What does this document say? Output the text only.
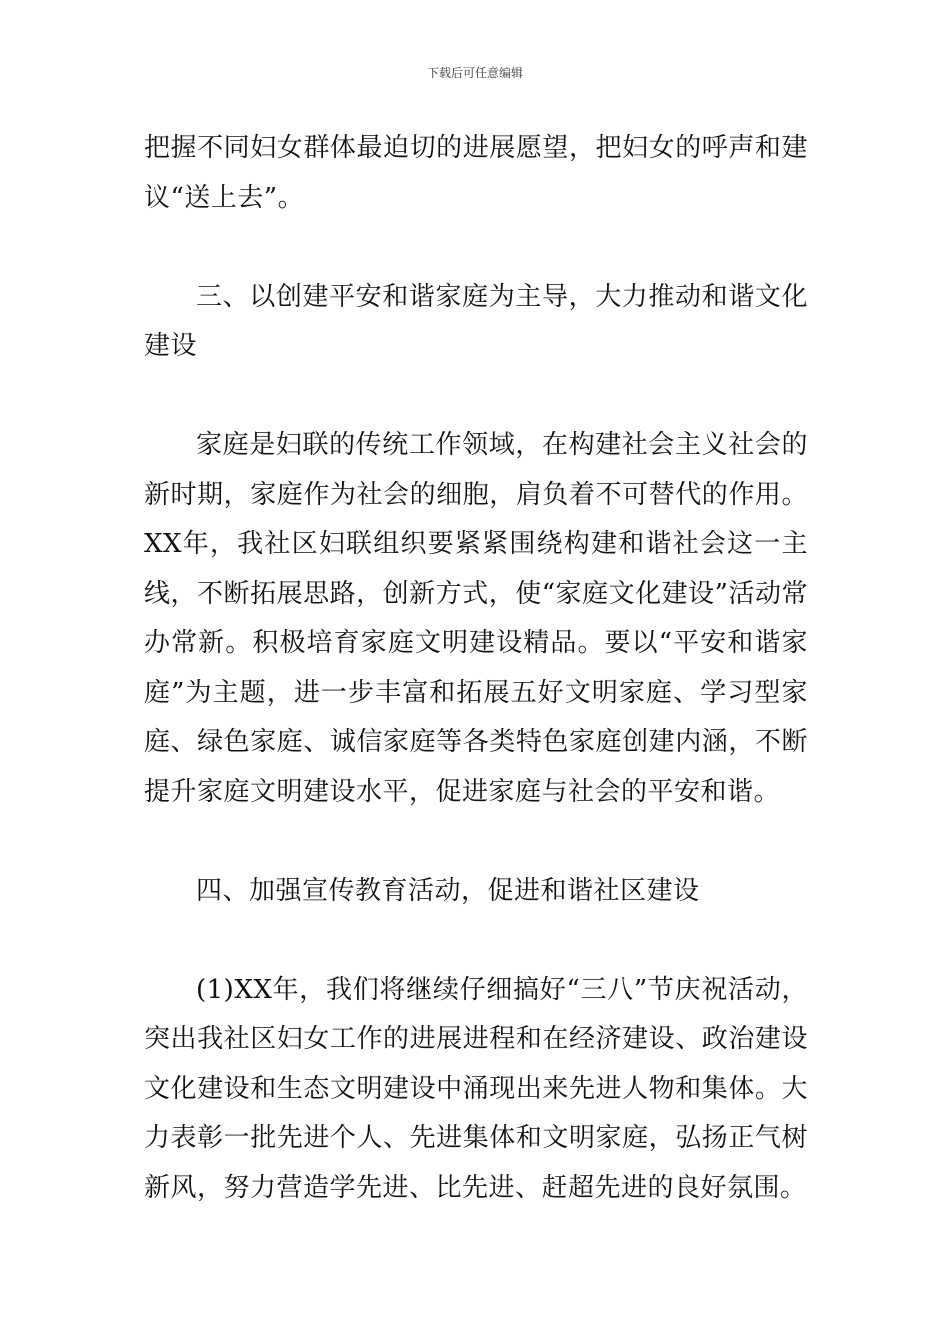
下载后可任意编辑

把握不同妇女群体最迫切的进展愿望，把妇女的呼声和建议“送上去”。

三、以创建平安和谐家庭为主导，大力推动和谐文化建设

家庭是妇联的传统工作领域，在构建社会主义社会的新时期，家庭作为社会的细胞，肩负着不可替代的作用。XX年，我社区妇联组织要紧紧围绕构建和谐社会这一主线，不断拓展思路，创新方式，使“家庭文化建设”活动常办常新。积极培育家庭文明建设精品。要以“平安和谐家庭”为主题，进一步丰富和拓展五好文明家庭、学习型家庭、绿色家庭、诚信家庭等各类特色家庭创建内涵，不断提升家庭文明建设水平，促进家庭与社会的平安和谐。

四、加强宣传教育活动，促进和谐社区建设

(1)XX年，我们将继续仔细搞好“三八”节庆祝活动，突出我社区妇女工作的进展进程和在经济建设、政治建设文化建设和生态文明建设中涌现出来先进人物和集体。大力表彰一批先进个人、先进集体和文明家庭，弘扬正气树新风，努力营造学先进、比先进、赶超先进的良好氛围。
